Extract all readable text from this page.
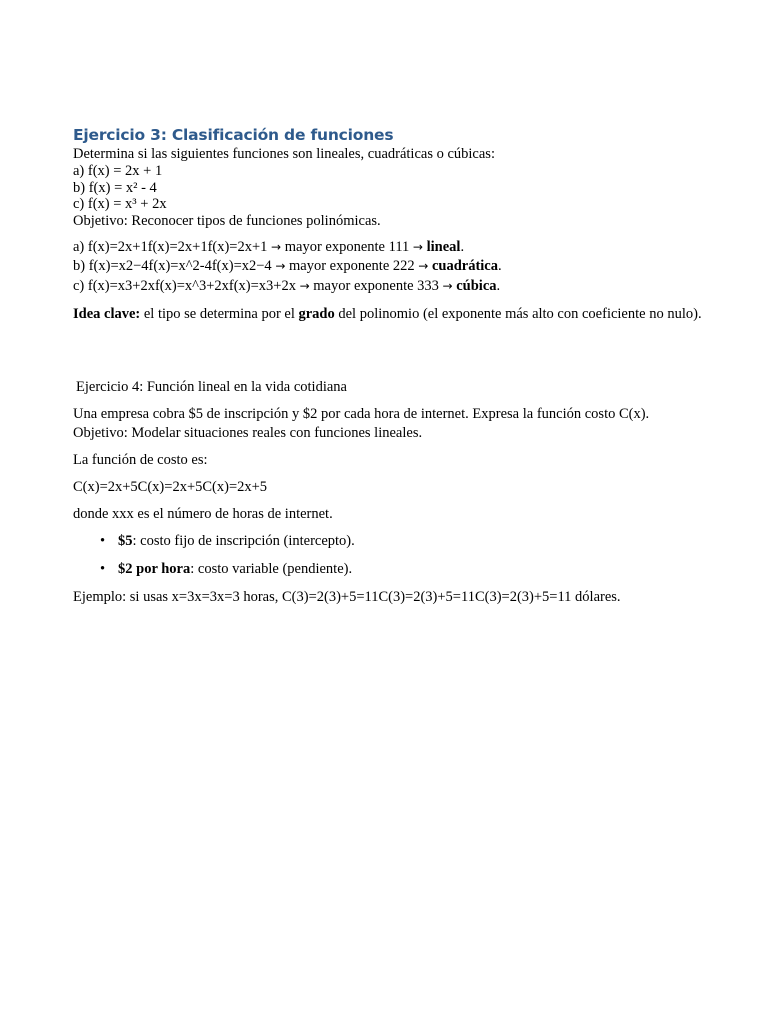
Ejercicio 3: Clasificación de funciones

Determina si las siguientes funciones son lineales, cuadráticas o cúbicas:

a) f(x) = 2x + 1

b) f(x) = x² - 4

c) f(x) = x³ + 2x

Objetivo: Reconocer tipos de funciones polinómicas.

a) f(x)=2x+1f(x)=2x+1f(x)=2x+1 → mayor exponente 111 → lineal.

b) f(x)=x2−4f(x)=x^2-4f(x)=x2−4 → mayor exponente 222 → cuadrática.

c) f(x)=x3+2xf(x)=x^3+2xf(x)=x3+2x → mayor exponente 333 → cúbica.

Idea clave: el tipo se determina por el grado del polinomio (el exponente más alto con coeficiente no nulo).

Ejercicio 4: Función lineal en la vida cotidiana

Una empresa cobra $5 de inscripción y $2 por cada hora de internet. Expresa la función costo C(x).
Objetivo: Modelar situaciones reales con funciones lineales.

La función de costo es:

C(x)=2x+5C(x)=2x+5C(x)=2x+5

donde xxx es el número de horas de internet.

• $5: costo fijo de inscripción (intercepto).
• $2 por hora: costo variable (pendiente).

Ejemplo: si usas x=3x=3x=3 horas, C(3)=2(3)+5=11C(3)=2(3)+5=11C(3)=2(3)+5=11 dólares.
